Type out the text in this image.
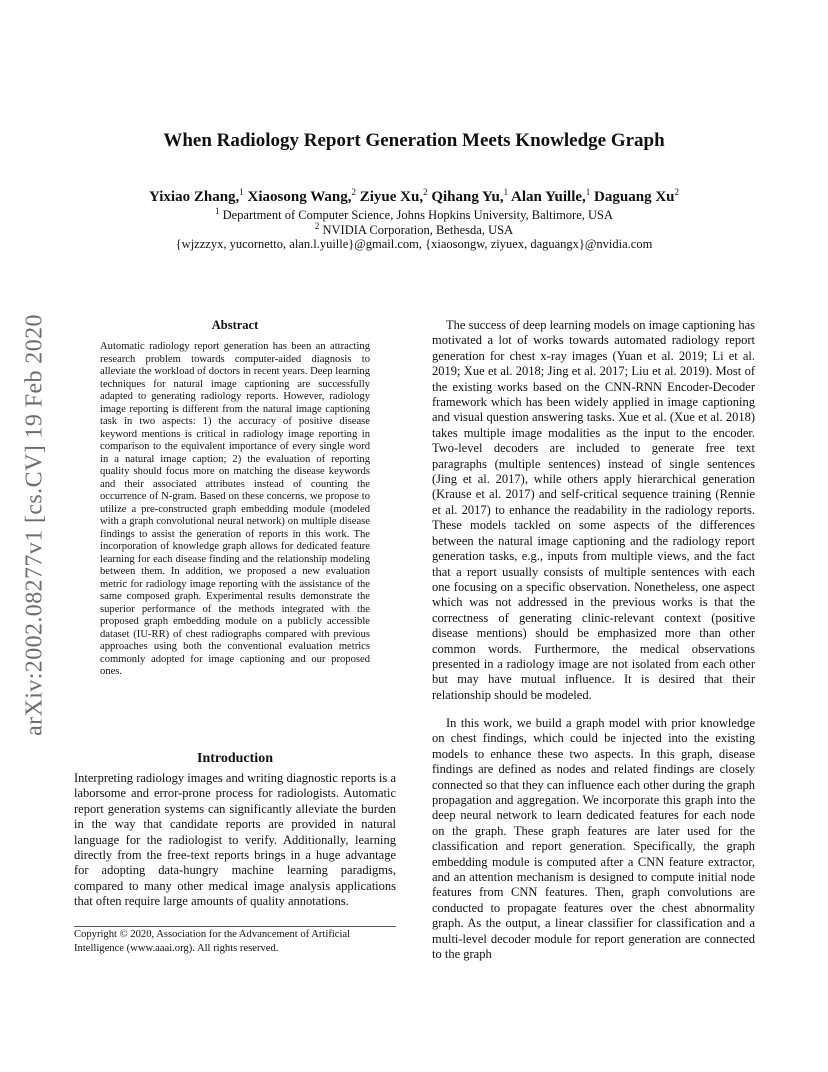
arXiv:2002.08277v1 [cs.CV] 19 Feb 2020
When Radiology Report Generation Meets Knowledge Graph
Yixiao Zhang,$^1$ Xiaosong Wang,$^2$ Ziyue Xu,$^2$ Qihang Yu,$^1$ Alan Yuille,$^1$ Daguang Xu$^2$
$^1$ Department of Computer Science, Johns Hopkins University, Baltimore, USA
$^2$ NVIDIA Corporation, Bethesda, USA
{wjzzzyx, yucornetto, alan.l.yuille}@gmail.com, {xiaosongw, ziyuex, daguangx}@nvidia.com
Abstract
Automatic radiology report generation has been an attracting research problem towards computer-aided diagnosis to alleviate the workload of doctors in recent years. Deep learning techniques for natural image captioning are successfully adapted to generating radiology reports. However, radiology image reporting is different from the natural image captioning task in two aspects: 1) the accuracy of positive disease keyword mentions is critical in radiology image reporting in comparison to the equivalent importance of every single word in a natural image caption; 2) the evaluation of reporting quality should focus more on matching the disease keywords and their associated attributes instead of counting the occurrence of N-gram. Based on these concerns, we propose to utilize a pre-constructed graph embedding module (modeled with a graph convolutional neural network) on multiple disease findings to assist the generation of reports in this work. The incorporation of knowledge graph allows for dedicated feature learning for each disease finding and the relationship modeling between them. In addition, we proposed a new evaluation metric for radiology image reporting with the assistance of the same composed graph. Experimental results demonstrate the superior performance of the methods integrated with the proposed graph embedding module on a publicly accessible dataset (IU-RR) of chest radiographs compared with previous approaches using both the conventional evaluation metrics commonly adopted for image captioning and our proposed ones.
Introduction
Interpreting radiology images and writing diagnostic reports is a laborsome and error-prone process for radiologists. Automatic report generation systems can significantly alleviate the burden in the way that candidate reports are provided in natural language for the radiologist to verify. Additionally, learning directly from the free-text reports brings in a huge advantage for adopting data-hungry machine learning paradigms, compared to many other medical image analysis applications that often require large amounts of quality annotations.
Copyright © 2020, Association for the Advancement of Artificial Intelligence (www.aaai.org). All rights reserved.
The success of deep learning models on image captioning has motivated a lot of works towards automated radiology report generation for chest x-ray images (Yuan et al. 2019; Li et al. 2019; Xue et al. 2018; Jing et al. 2017; Liu et al. 2019). Most of the existing works based on the CNN-RNN Encoder-Decoder framework which has been widely applied in image captioning and visual question answering tasks. Xue et al. (Xue et al. 2018) takes multiple image modalities as the input to the encoder. Two-level decoders are included to generate free text paragraphs (multiple sentences) instead of single sentences (Jing et al. 2017), while others apply hierarchical generation (Krause et al. 2017) and self-critical sequence training (Rennie et al. 2017) to enhance the readability in the radiology reports. These models tackled on some aspects of the differences between the natural image captioning and the radiology report generation tasks, e.g., inputs from multiple views, and the fact that a report usually consists of multiple sentences with each one focusing on a specific observation. Nonetheless, one aspect which was not addressed in the previous works is that the correctness of generating clinic-relevant context (positive disease mentions) should be emphasized more than other common words. Furthermore, the medical observations presented in a radiology image are not isolated from each other but may have mutual influence. It is desired that their relationship should be modeled.
In this work, we build a graph model with prior knowledge on chest findings, which could be injected into the existing models to enhance these two aspects. In this graph, disease findings are defined as nodes and related findings are closely connected so that they can influence each other during the graph propagation and aggregation. We incorporate this graph into the deep neural network to learn dedicated features for each node on the graph. These graph features are later used for the classification and report generation. Specifically, the graph embedding module is computed after a CNN feature extractor, and an attention mechanism is designed to compute initial node features from CNN features. Then, graph convolutions are conducted to propagate features over the chest abnormality graph. As the output, a linear classifier for classification and a multi-level decoder module for report generation are connected to the graph
